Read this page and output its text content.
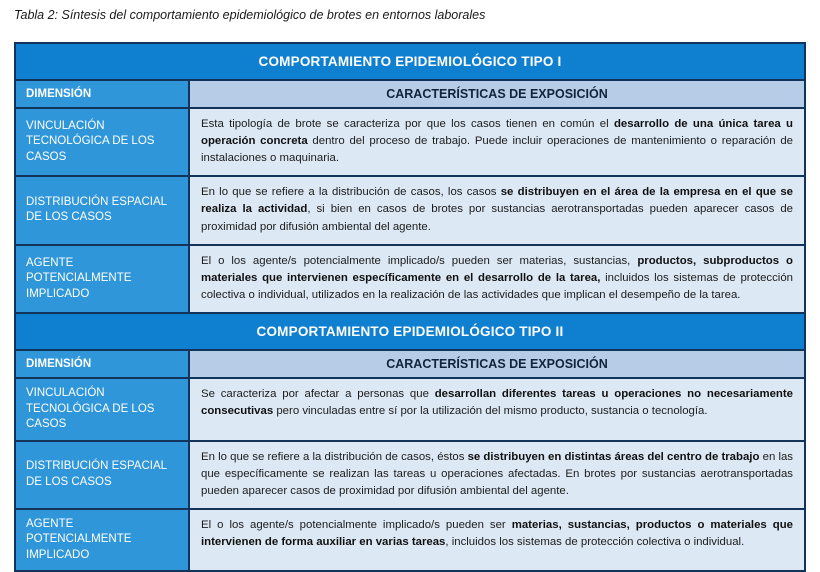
Tabla 2: Síntesis del comportamiento epidemiológico de brotes en entornos laborales
COMPORTAMIENTO EPIDEMIOLÓGICO TIPO I
DIMENSIÓN	CARACTERÍSTICAS DE EXPOSICIÓN
VINCULACIÓN TECNOLÓGICA DE LOS CASOS
Esta tipología de brote se caracteriza por que los casos tienen en común el desarrollo de una única tarea u operación concreta dentro del proceso de trabajo. Puede incluir operaciones de mantenimiento o reparación de instalaciones o maquinaria.
DISTRIBUCIÓN ESPACIAL DE LOS CASOS
En lo que se refiere a la distribución de casos, los casos se distribuyen en el área de la empresa en el que se realiza la actividad, si bien en casos de brotes por sustancias aerotransportadas pueden aparecer casos de proximidad por difusión ambiental del agente.
AGENTE POTENCIALMENTE IMPLICADO
El o los agente/s potencialmente implicado/s pueden ser materias, sustancias, productos, subproductos o materiales que intervienen específicamente en el desarrollo de la tarea, incluidos los sistemas de protección colectiva o individual, utilizados en la realización de las actividades que implican el desempeño de la tarea.
COMPORTAMIENTO EPIDEMIOLÓGICO TIPO II
DIMENSIÓN	CARACTERÍSTICAS DE EXPOSICIÓN
VINCULACIÓN TECNOLÓGICA DE LOS CASOS
Se caracteriza por afectar a personas que desarrollan diferentes tareas u operaciones no necesariamente consecutivas pero vinculadas entre sí por la utilización del mismo producto, sustancia o tecnología.
DISTRIBUCIÓN ESPACIAL DE LOS CASOS
En lo que se refiere a la distribución de casos, éstos se distribuyen en distintas áreas del centro de trabajo en las que específicamente se realizan las tareas u operaciones afectadas. En brotes por sustancias aerotransportadas pueden aparecer casos de proximidad por difusión ambiental del agente.
AGENTE POTENCIALMENTE IMPLICADO
El o los agente/s potencialmente implicado/s pueden ser materias, sustancias, productos o materiales que intervienen de forma auxiliar en varias tareas, incluidos los sistemas de protección colectiva o individual.
